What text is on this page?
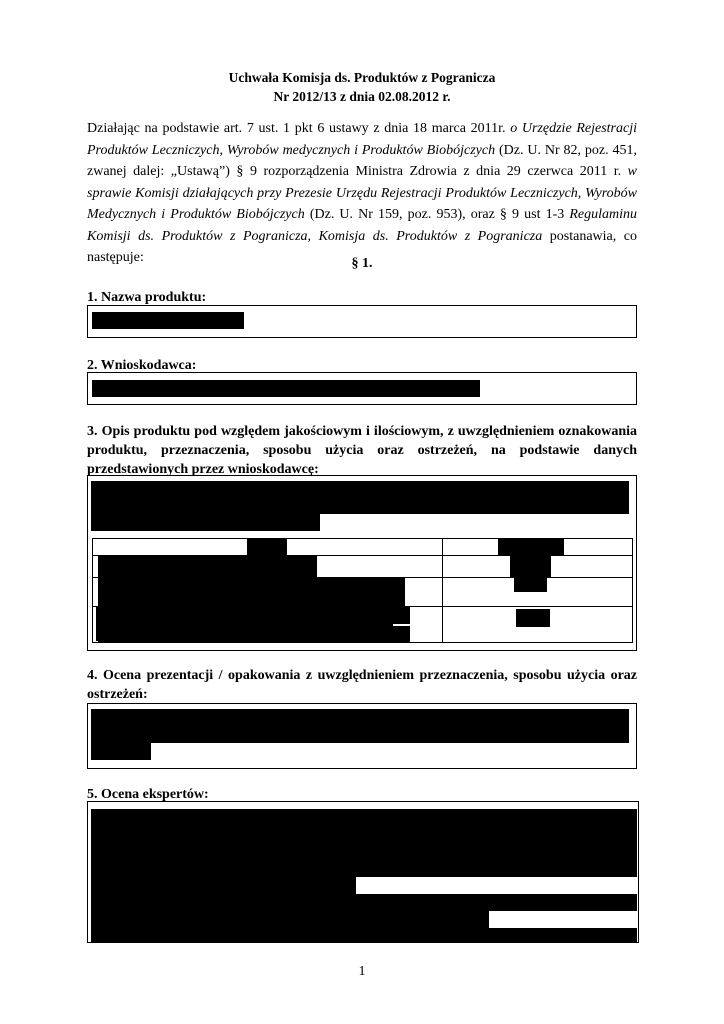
Uchwała Komisja ds. Produktów z Pogranicza
Nr 2012/13 z dnia 02.08.2012 r.
Działając na podstawie art. 7 ust. 1 pkt 6 ustawy z dnia 18 marca 2011r. o Urzędzie Rejestracji Produktów Leczniczych, Wyrobów medycznych i Produktów Biobójczych (Dz. U. Nr 82, poz. 451, zwanej dalej: „Ustawą”) § 9 rozporządzenia Ministra Zdrowia z dnia 29 czerwca 2011 r. w sprawie Komisji działających przy Prezesie Urzędu Rejestracji Produktów Leczniczych, Wyrobów Medycznych i Produktów Biobójczych (Dz. U. Nr 159, poz. 953), oraz § 9 ust 1-3 Regulaminu Komisji ds. Produktów z Pogranicza, Komisja ds. Produktów z Pogranicza postanawia, co następuje:	§ 1.
1. Nazwa produktu:
2. Wnioskodawca:
3. Opis produktu pod względem jakościowym i ilościowym, z uwzględnieniem oznakowania produktu, przeznaczenia, sposobu użycia oraz ostrzeżeń, na podstawie danych przedstawionych przez wnioskodawcę:
4. Ocena prezentacji / opakowania z uwzględnieniem przeznaczenia, sposobu użycia oraz ostrzeżeń:
5. Ocena ekspertów:
1
